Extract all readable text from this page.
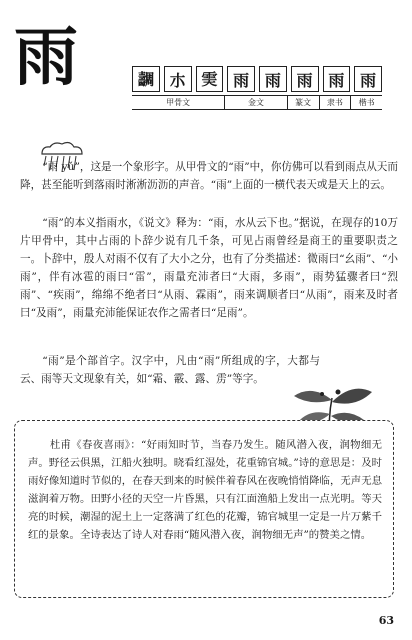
雨	𡕐 朩 𩂉 雨 雨 雨 雨 雨
甲骨文	金文	篆文	隶书	楷书
“雨 yǔ”，这是一个象形字。从甲骨文的“雨”中，你仿佛可以看到雨点从天而降，甚至能听到落雨时淅淅沥沥的声音。“雨”上面的一横代表天或是天上的云。
“雨”的本义指雨水，《说文》释为：“雨，水从云下也。”据说，在现存的10万片甲骨中，其中占雨的卜辞少说有几千条，可见占雨曾经是商王的重要职责之一。卜辞中，殷人对雨不仅有了大小之分，也有了分类描述：微雨曰“幺雨”、“小雨”，伴有冰雹的雨曰“雷”，雨量充沛者曰“大雨，多雨”，雨势猛骤者曰“烈雨”、“疾雨”，绵绵不绝者曰“从雨、霖雨”，雨来调顺者曰“从雨”，雨来及时者曰“及雨”，雨量充沛能保证农作之需者曰“足雨”。
“雨”是个部首字。汉字中，凡由“雨”所组成的字，大都与云、雨等天文现象有关，如“霜、霰、露、雳”等字。
杜甫《春夜喜雨》：“好雨知时节，当春乃发生。随风潜入夜，润物细无声。野径云俱黑，江船火独明。晓看红湿处，花重锦官城。”诗的意思是：及时雨好像知道时节似的，在春天到来的时候伴着春风在夜晚悄悄降临，无声无息滋润着万物。田野小径的天空一片昏黑，只有江面渔船上发出一点光明。等天亮的时候，潮湿的泥土上一定落满了红色的花瓣，锦官城里一定是一片万紫千红的景象。全诗表达了诗人对春雨“随风潜入夜，润物细无声”的赞美之情。
63
